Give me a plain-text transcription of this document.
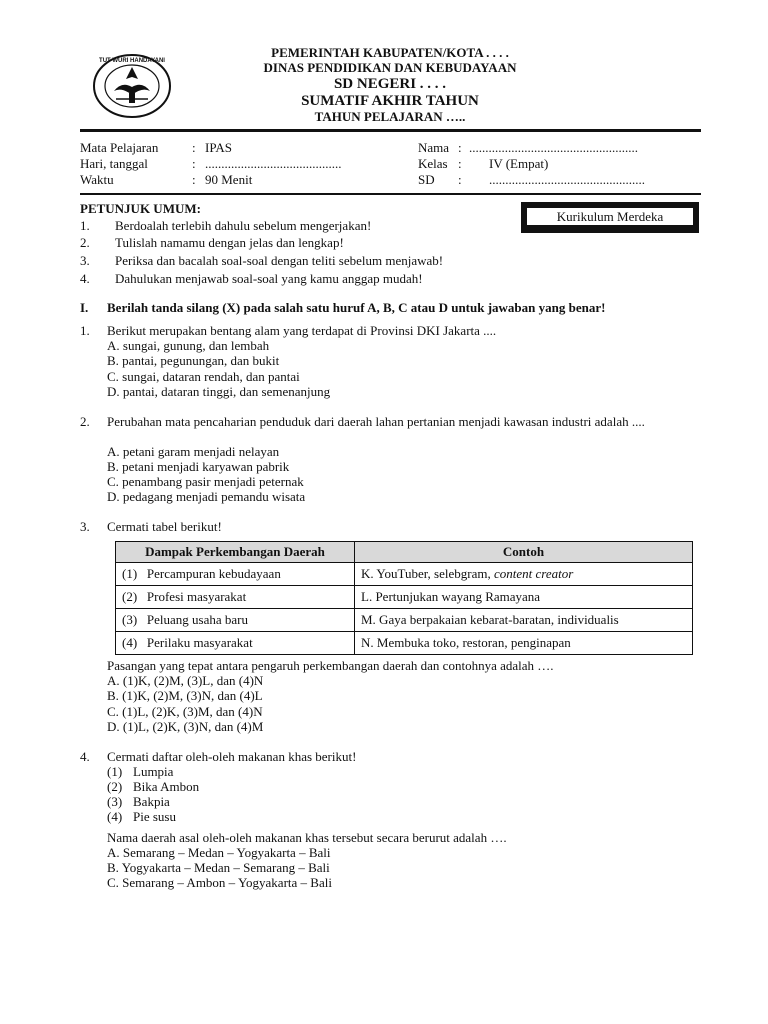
TUT WURI HANDAYANI
PEMERINTAH KABUPATEN/KOTA . . . .
DINAS PENDIDIKAN DAN KEBUDAYAAN
SD NEGERI . . . .
SUMATIF AKHIR TAHUN
TAHUN PELAJARAN …..
Mata Pelajaran	: IPAS
Hari, tanggal	: ..........................................
Waktu	: 90 Menit
Nama : ....................................................
Kelas : IV (Empat)
SD : ................................................
Kurikulum Merdeka
PETUNJUK UMUM:
1. Berdoalah terlebih dahulu sebelum mengerjakan!
2. Tulislah namamu dengan jelas dan lengkap!
3. Periksa dan bacalah soal-soal dengan teliti sebelum menjawab!
4. Dahulukan menjawab soal-soal yang kamu anggap mudah!
I. Berilah tanda silang (X) pada salah satu huruf A, B, C atau D untuk jawaban yang benar!
1. Berikut merupakan bentang alam yang terdapat di Provinsi DKI Jakarta ....
A. sungai, gunung, dan lembah
B. pantai, pegunungan, dan bukit
C. sungai, dataran rendah, dan pantai
D. pantai, dataran tinggi, dan semenanjung
2. Perubahan mata pencaharian penduduk dari daerah lahan pertanian menjadi kawasan industri adalah ....
A. petani garam menjadi nelayan
B. petani menjadi karyawan pabrik
C. penambang pasir menjadi peternak
D. pedagang menjadi pemandu wisata
3. Cermati tabel berikut!
Dampak Perkembangan Daerah	Contoh
(1) Percampuran kebudayaan	K. YouTuber, selebgram, content creator
(2) Profesi masyarakat	L. Pertunjukan wayang Ramayana
(3) Peluang usaha baru	M. Gaya berpakaian kebarat-baratan, individualis
(4) Perilaku masyarakat	N. Membuka toko, restoran, penginapan
Pasangan yang tepat antara pengaruh perkembangan daerah dan contohnya adalah ….
A. (1)K, (2)M, (3)L, dan (4)N
B. (1)K, (2)M, (3)N, dan (4)L
C. (1)L, (2)K, (3)M, dan (4)N
D. (1)L, (2)K, (3)N, dan (4)M
4. Cermati daftar oleh-oleh makanan khas berikut!
(1) Lumpia
(2) Bika Ambon
(3) Bakpia
(4) Pie susu
Nama daerah asal oleh-oleh makanan khas tersebut secara berurut adalah ….
A. Semarang – Medan – Yogyakarta – Bali
B. Yogyakarta – Medan – Semarang – Bali
C. Semarang – Ambon – Yogyakarta – Bali
